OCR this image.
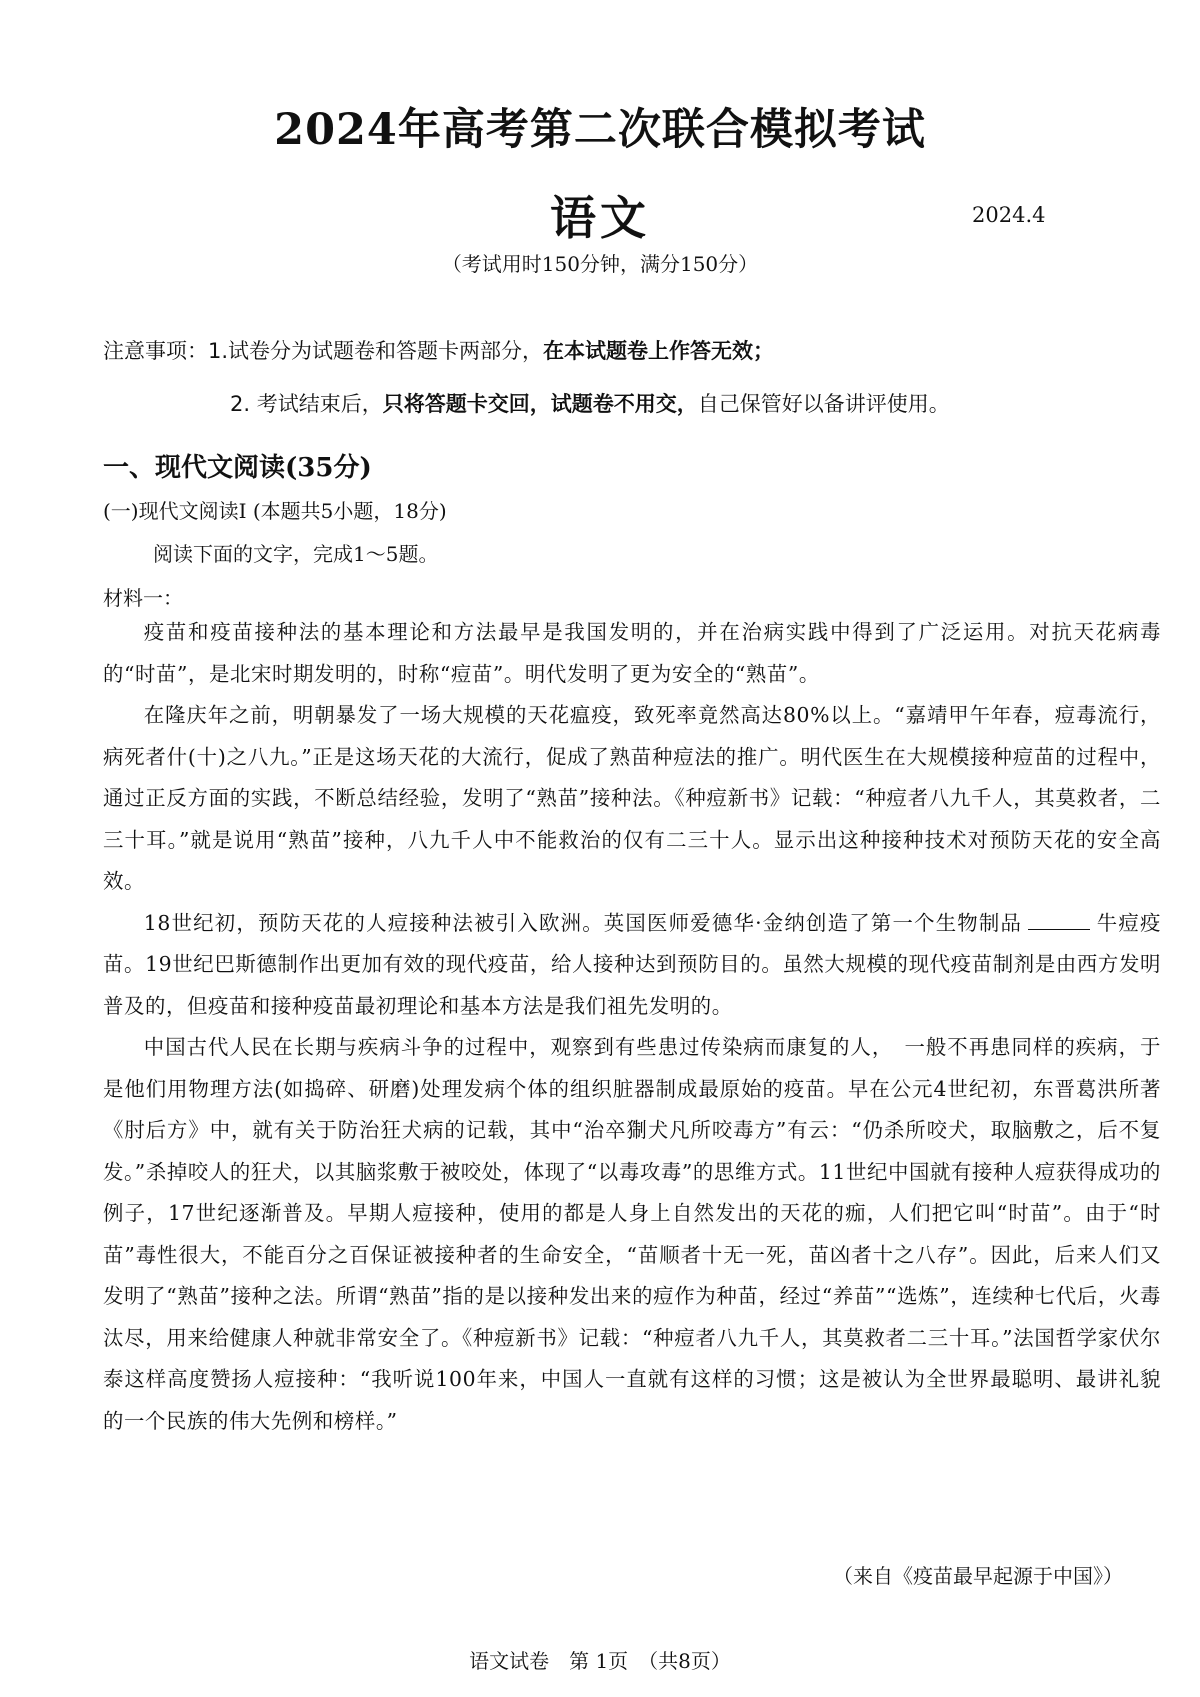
2024年高考第二次联合模拟考试
语文	2024.4
（考试用时150分钟，满分150分）
注意事项：1.试卷分为试题卷和答题卡两部分，在本试题卷上作答无效；
2. 考试结束后，只将答题卡交回，试题卷不用交，自己保管好以备讲评使用。
一、现代文阅读(35分)
(一)现代文阅读I (本题共5小题，18分)
阅读下面的文字，完成1～5题。
材料一：

疫苗和疫苗接种法的基本理论和方法最早是我国发明的，并在治病实践中得到了广泛运用。对抗天花病毒的“时苗”，是北宋时期发明的，时称“痘苗”。明代发明了更为安全的“熟苗”。

在隆庆年之前，明朝暴发了一场大规模的天花瘟疫，致死率竟然高达80%以上。“嘉靖甲午年春，痘毒流行，病死者什(十)之八九。”正是这场天花的大流行，促成了熟苗种痘法的推广。明代医生在大规模接种痘苗的过程中，通过正反方面的实践，不断总结经验，发明了“熟苗”接种法。《种痘新书》记载：“种痘者八九千人，其莫救者，二三十耳。”就是说用“熟苗”接种，八九千人中不能救治的仅有二三十人。显示出这种接种技术对预防天花的安全高效。

18世纪初，预防天花的人痘接种法被引入欧洲。英国医师爱德华·金纳创造了第一个生物制品	牛痘疫苗。19世纪巴斯德制作出更加有效的现代疫苗，给人接种达到预防目的。虽然大规模的现代疫苗制剂是由西方发明普及的，但疫苗和接种疫苗最初理论和基本方法是我们祖先发明的。

中国古代人民在长期与疾病斗争的过程中，观察到有些患过传染病而康复的人，　一般不再患同样的疾病，于是他们用物理方法(如捣碎、研磨)处理发病个体的组织脏器制成最原始的疫苗。早在公元4世纪初，东晋葛洪所著《肘后方》中，就有关于防治狂犬病的记载，其中“治卒猘犬凡所咬毒方”有云：“仍杀所咬犬，取脑敷之，后不复发。”杀掉咬人的狂犬，以其脑浆敷于被咬处，体现了“以毒攻毒”的思维方式。11世纪中国就有接种人痘获得成功的例子，17世纪逐渐普及。早期人痘接种，使用的都是人身上自然发出的天花的痂，人们把它叫“时苗”。由于“时苗”毒性很大，不能百分之百保证被接种者的生命安全，“苗顺者十无一死，苗凶者十之八存”。因此，后来人们又发明了“熟苗”接种之法。所谓“熟苗”指的是以接种发出来的痘作为种苗，经过“养苗”“选炼”，连续种七代后，火毒汰尽，用来给健康人种就非常安全了。《种痘新书》记载：“种痘者八九千人，其莫救者二三十耳。”法国哲学家伏尔泰这样高度赞扬人痘接种：“我听说100年来，中国人一直就有这样的习惯；这是被认为全世界最聪明、最讲礼貌的一个民族的伟大先例和榜样。”

（来自《疫苗最早起源于中国》）
语文试卷　第 1页　（共8页）
